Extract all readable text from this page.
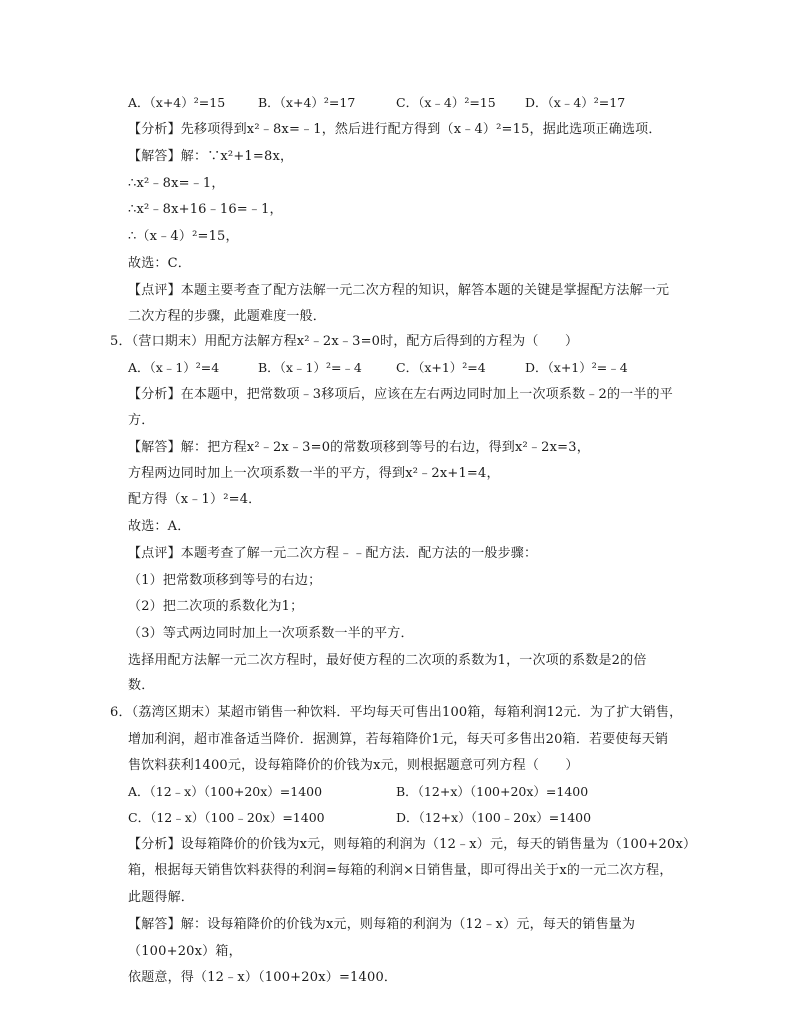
A．（x+4）²=15	B．（x+4）²=17	C．（x﹣4）²=15 D．（x﹣4）²=17
【分析】先移项得到x²﹣8x=﹣1，然后进行配方得到（x﹣4）²=15，据此选项正确选项．
【解答】解：∵x²+1=8x，
∴x²﹣8x=﹣1，
∴x²﹣8x+16﹣16=﹣1，
∴（x﹣4）²=15，
故选：C．
【点评】本题主要考查了配方法解一元二次方程的知识，解答本题的关键是掌握配方法解一元
二次方程的步骤，此题难度一般．
5．（营口期末）用配方法解方程x²﹣2x﹣3=0时，配方后得到的方程为（　　）
A．（x﹣1）²=4	B．（x﹣1）²=﹣4	C．（x+1）²=4	D．（x+1）²=﹣4
【分析】在本题中，把常数项﹣3移项后，应该在左右两边同时加上一次项系数﹣2的一半的平
方．
【解答】解：把方程x²﹣2x﹣3=0的常数项移到等号的右边，得到x²﹣2x=3，
方程两边同时加上一次项系数一半的平方，得到x²﹣2x+1=4，
配方得（x﹣1）²=4．
故选：A．
【点评】本题考查了解一元二次方程﹣﹣配方法．配方法的一般步骤：
（1）把常数项移到等号的右边；
（2）把二次项的系数化为1；
（3）等式两边同时加上一次项系数一半的平方．
选择用配方法解一元二次方程时，最好使方程的二次项的系数为1，一次项的系数是2的倍
数．
6．（荔湾区期末）某超市销售一种饮料．平均每天可售出100箱，每箱利润12元．为了扩大销售，
增加利润，超市准备适当降价．据测算，若每箱降价1元，每天可多售出20箱．若要使每天销
售饮料获利1400元，设每箱降价的价钱为x元，则根据题意可列方程（　　）
A．（12﹣x）（100+20x）=1400	B．（12+x）（100+20x）=1400
C．（12﹣x）（100﹣20x）=1400	D．（12+x）（100﹣20x）=1400
【分析】设每箱降价的价钱为x元，则每箱的利润为（12﹣x）元，每天的销售量为（100+20x）
箱，根据每天销售饮料获得的利润=每箱的利润×日销售量，即可得出关于x的一元二次方程，
此题得解．
【解答】解：设每箱降价的价钱为x元，则每箱的利润为（12﹣x）元，每天的销售量为
（100+20x）箱，
依题意，得（12﹣x）（100+20x）=1400．
